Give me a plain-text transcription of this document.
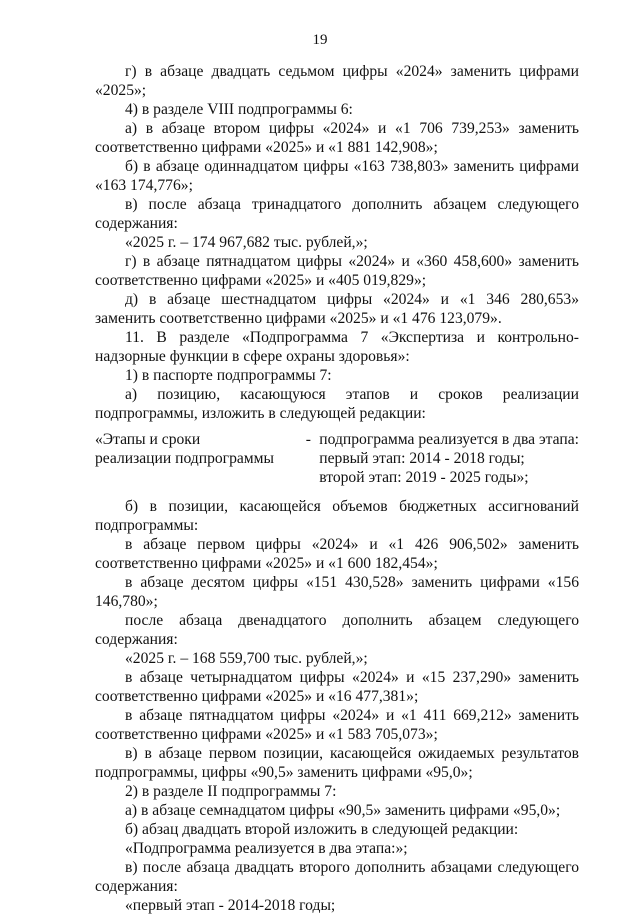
19

г) в абзаце двадцать седьмом цифры «2024» заменить цифрами «2025»;

4) в разделе VIII подпрограммы 6:

а) в абзаце втором цифры «2024» и «1 706 739,253» заменить соответственно цифрами «2025» и «1 881 142,908»;

б) в абзаце одиннадцатом цифры «163 738,803» заменить цифрами «163 174,776»;

в) после абзаца тринадцатого дополнить абзацем следующего содержания:

«2025 г. – 174 967,682 тыс. рублей,»;

г) в абзаце пятнадцатом цифры «2024» и «360 458,600» заменить соответственно цифрами «2025» и «405 019,829»;

д) в абзаце шестнадцатом цифры «2024» и «1 346 280,653» заменить соответственно цифрами «2025» и «1 476 123,079».

11. В разделе «Подпрограмма 7 «Экспертиза и контрольно-надзорные функции в сфере охраны здоровья»:

1) в паспорте подпрограммы 7:

а) позицию, касающуюся этапов и сроков реализации подпрограммы, изложить в следующей редакции:

«Этапы и сроки
реализации подпрограммы
- подпрограмма реализуется в два этапа:
первый этап: 2014 - 2018 годы;
второй этап: 2019 - 2025 годы»;

б) в позиции, касающейся объемов бюджетных ассигнований подпрограммы:

в абзаце первом цифры «2024» и «1 426 906,502» заменить соответственно цифрами «2025» и «1 600 182,454»;

в абзаце десятом цифры «151 430,528» заменить цифрами «156 146,780»;

после абзаца двенадцатого дополнить абзацем следующего содержания:

«2025 г. – 168 559,700 тыс. рублей,»;

в абзаце четырнадцатом цифры «2024» и «15 237,290» заменить соответственно цифрами «2025» и «16 477,381»;

в абзаце пятнадцатом цифры «2024» и «1 411 669,212» заменить соответственно цифрами «2025» и «1 583 705,073»;

в) в абзаце первом позиции, касающейся ожидаемых результатов подпрограммы, цифры «90,5» заменить цифрами «95,0»;

2) в разделе II подпрограммы 7:

а) в абзаце семнадцатом цифры «90,5» заменить цифрами «95,0»;

б) абзац двадцать второй изложить в следующей редакции:

«Подпрограмма реализуется в два этапа:»;

в) после абзаца двадцать второго дополнить абзацами следующего содержания:

«первый этап - 2014-2018 годы;
